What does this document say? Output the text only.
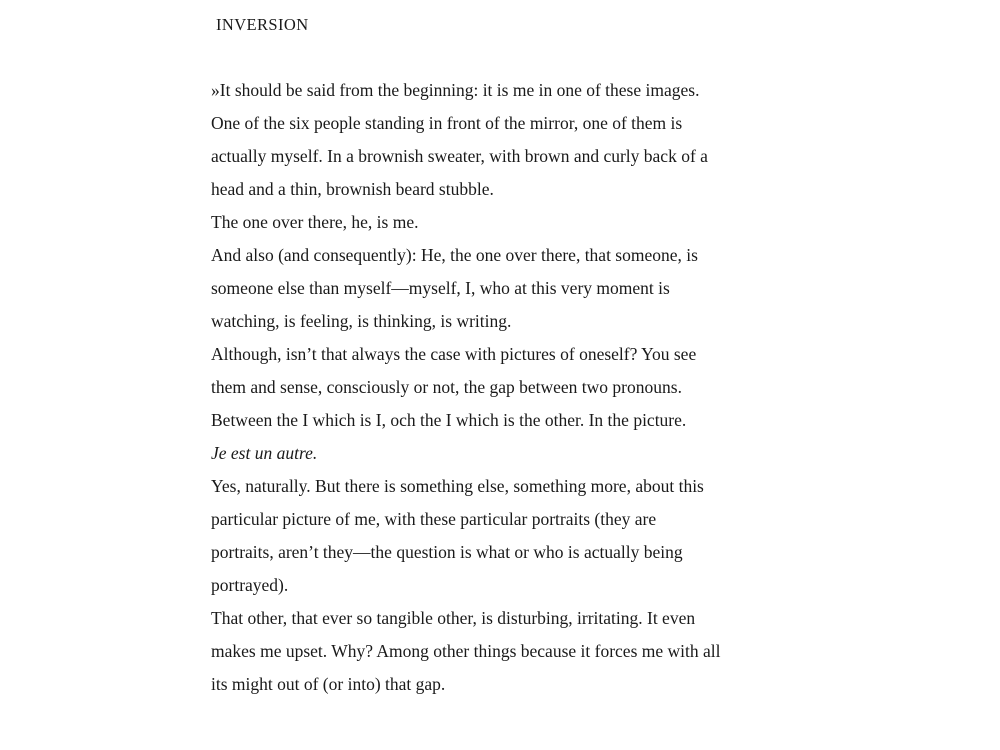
INVERSION
»It should be said from the beginning: it is me in one of these images.
One of the six people standing in front of the mirror, one of them is
actually myself. In a brownish sweater, with brown and curly back of a
head and a thin, brownish beard stubble.
The one over there, he, is me.
And also (and consequently): He, the one over there, that someone, is
someone else than myself—myself, I, who at this very moment is
watching, is feeling, is thinking, is writing.
Although, isn’t that always the case with pictures of oneself? You see
them and sense, consciously or not, the gap between two pronouns.
Between the I which is I, och the I which is the other. In the picture.
Je est un autre.
Yes, naturally. But there is something else, something more, about this
particular picture of me, with these particular portraits (they are
portraits, aren’t they—the question is what or who is actually being
portrayed).
That other, that ever so tangible other, is disturbing, irritating. It even
makes me upset. Why? Among other things because it forces me with all
its might out of (or into) that gap.
